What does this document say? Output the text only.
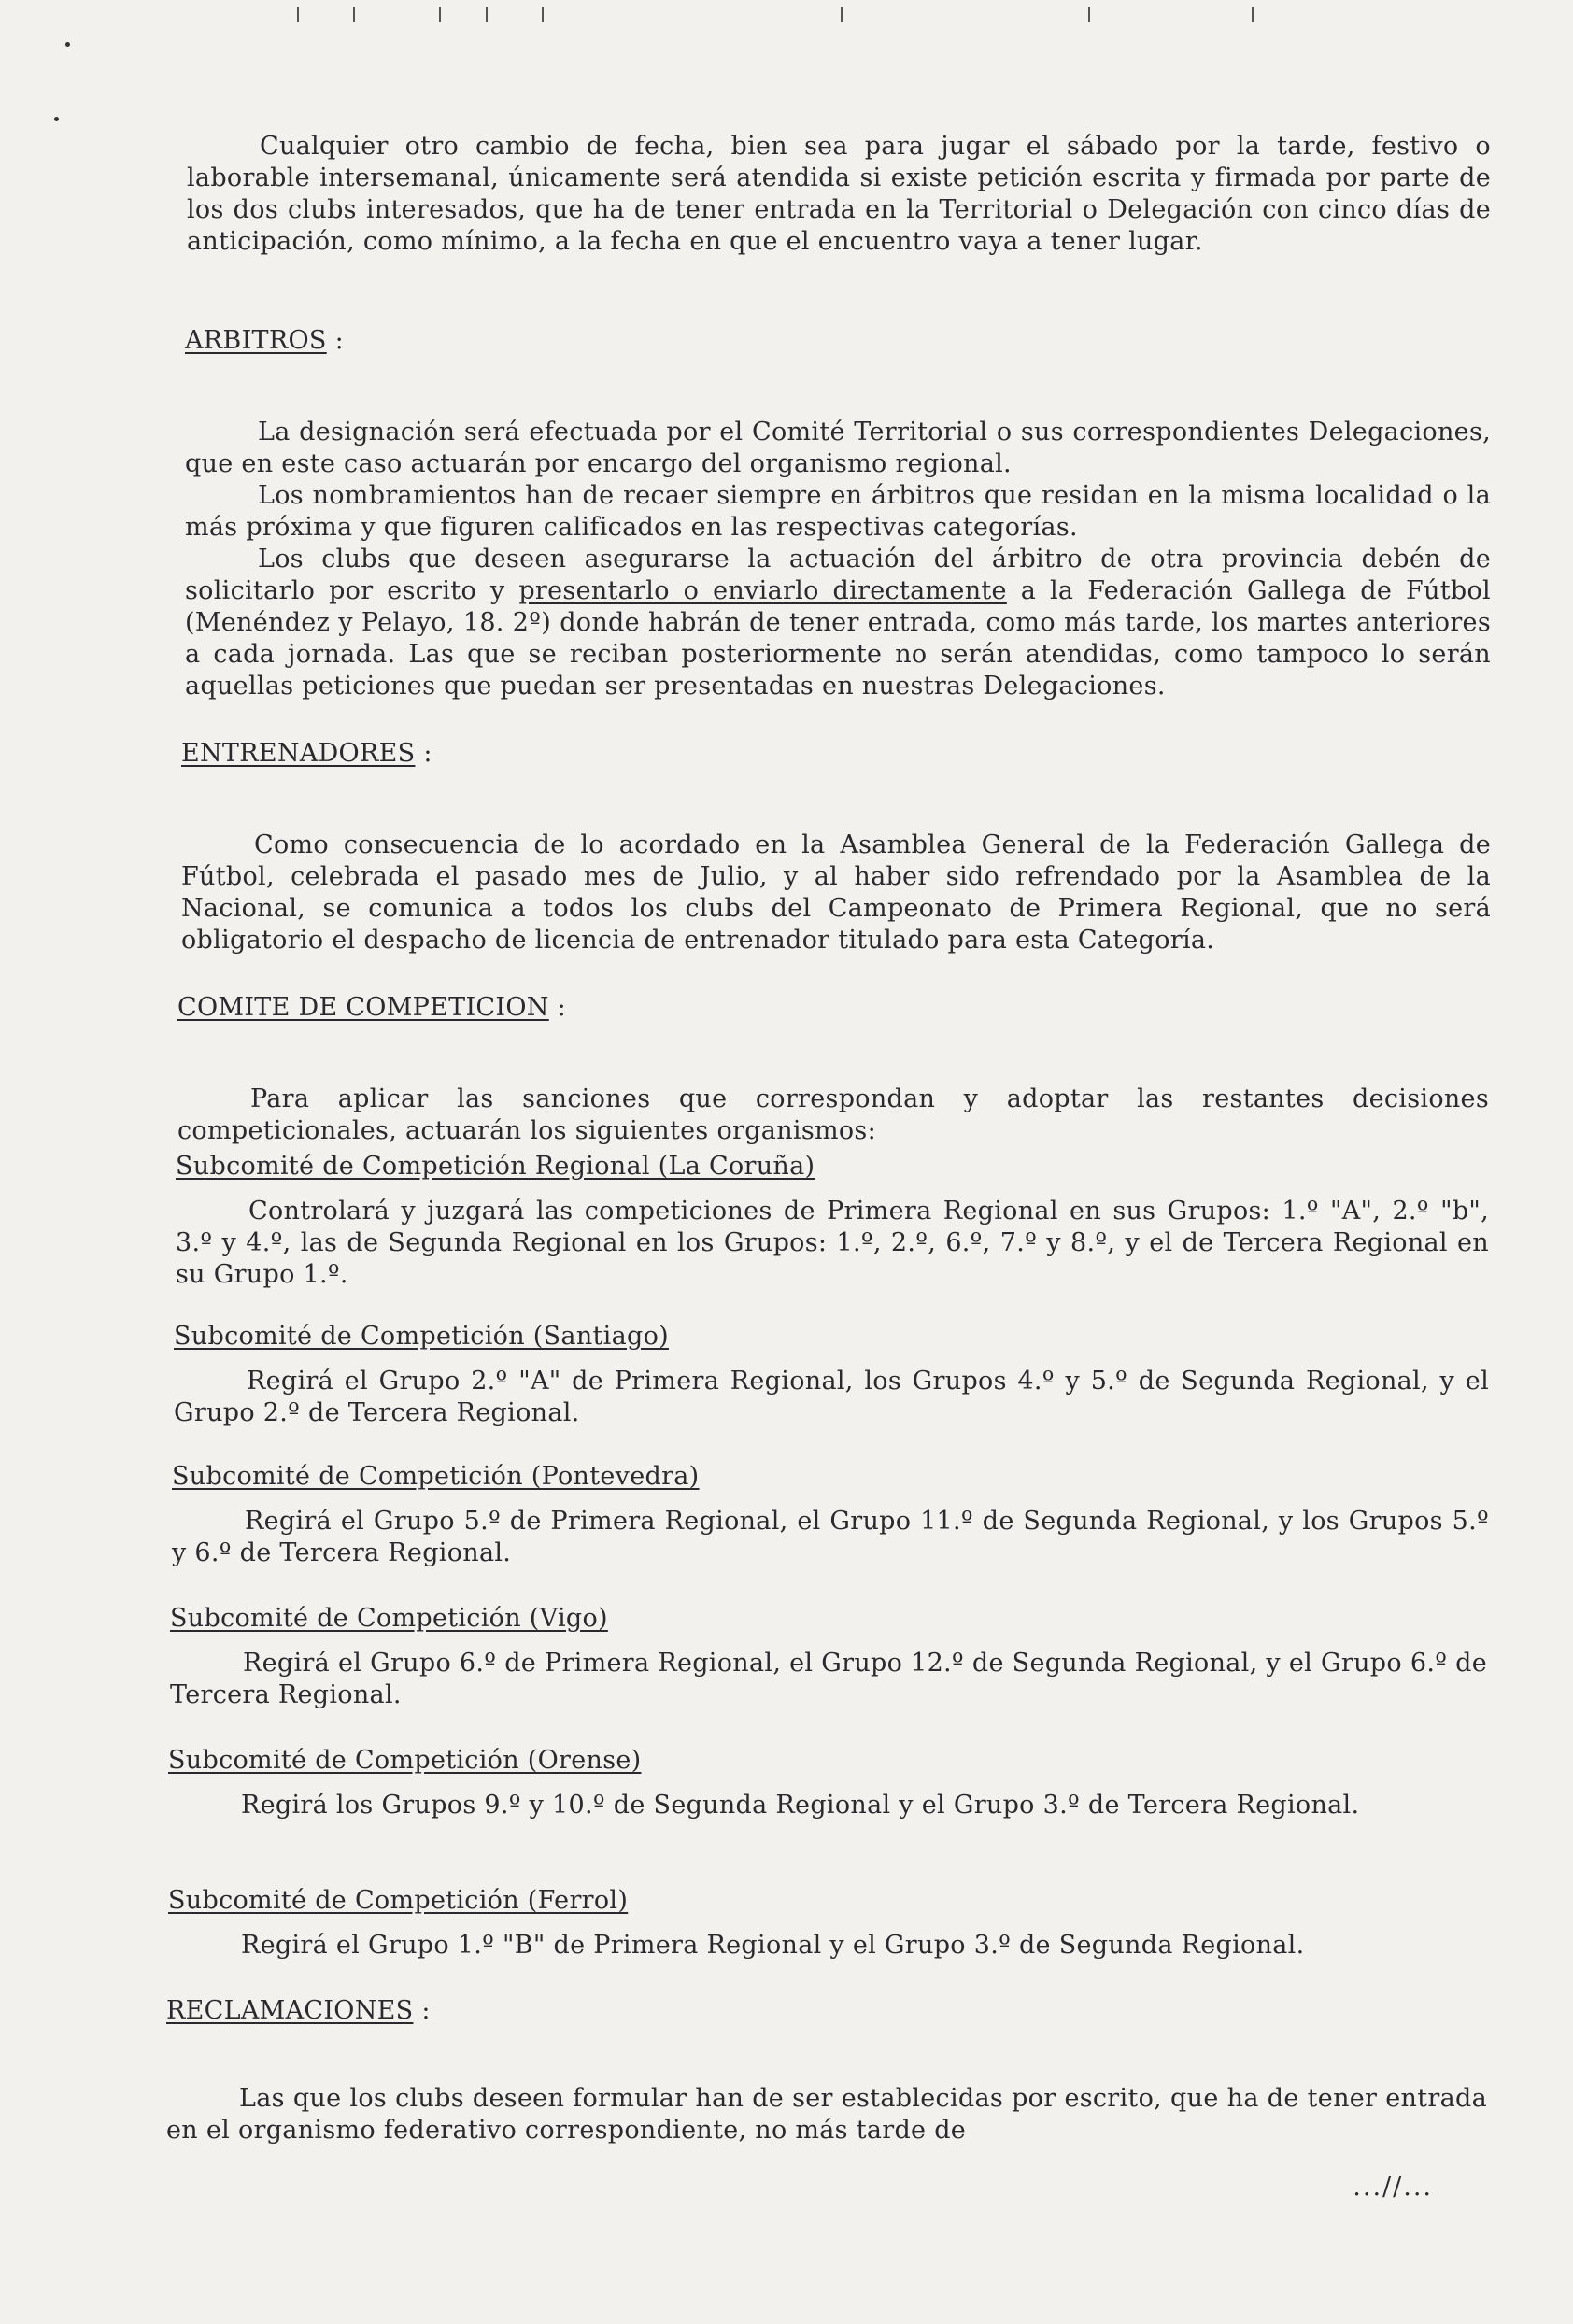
Cualquier otro cambio de fecha, bien sea para jugar el sábado por la tarde, festivo o laborable intersemanal, únicamente será atendida si existe petición escrita y firmada por parte de los dos clubs interesados, que ha de tener entrada en la Territorial o Delegación con cinco días de anticipación, como mínimo, a la fecha en que el encuentro vaya a tener lugar.

ARBITROS :

La designación será efectuada por el Comité Territorial o sus correspondientes Delegaciones, que en este caso actuarán por encargo del organismo regional.

Los nombramientos han de recaer siempre en árbitros que residan en la misma localidad o la más próxima y que figuren calificados en las respectivas categorías.

Los clubs que deseen asegurarse la actuación del árbitro de otra provincia debén de solicitarlo por escrito y presentarlo o enviarlo directamente a la Federación Gallega de Fútbol (Menéndez y Pelayo, 18. 2º) donde habrán de tener entrada, como más tarde, los martes anteriores a cada jornada. Las que se reciban posteriormente no serán atendidas, como tampoco lo serán aquellas peticiones que puedan ser presentadas en nuestras Delegaciones.

ENTRENADORES :

Como consecuencia de lo acordado en la Asamblea General de la Federación Gallega de Fútbol, celebrada el pasado mes de Julio, y al haber sido refrendado por la Asamblea de la Nacional, se comunica a todos los clubs del Campeonato de Primera Regional, que no será obligatorio el despacho de licencia de entrenador titulado para esta Categoría.

COMITE DE COMPETICION :

Para aplicar las sanciones que correspondan y adoptar las restantes decisiones competicionales, actuarán los siguientes organismos:

Subcomité de Competición Regional (La Coruña)

Controlará y juzgará las competiciones de Primera Regional en sus Grupos: 1.º "A", 2.º "b", 3.º y 4.º, las de Segunda Regional en los Grupos: 1.º, 2.º, 6.º, 7.º y 8.º, y el de Tercera Regional en su Grupo 1.º.

Subcomité de Competición (Santiago)

Regirá el Grupo 2.º "A" de Primera Regional, los Grupos 4.º y 5.º de Segunda Regional, y el Grupo 2.º de Tercera Regional.

Subcomité de Competición (Pontevedra)

Regirá el Grupo 5.º de Primera Regional, el Grupo 11.º de Segunda Regional, y los Grupos 5.º y 6.º de Tercera Regional.

Subcomité de Competición (Vigo)

Regirá el Grupo 6.º de Primera Regional, el Grupo 12.º de Segunda Regional, y el Grupo 6.º de Tercera Regional.

Subcomité de Competición (Orense)

Regirá los Grupos 9.º y 10.º de Segunda Regional y el Grupo 3.º de Tercera Regional.

Subcomité de Competición (Ferrol)

Regirá el Grupo 1.º "B" de Primera Regional y el Grupo 3.º de Segunda Regional.

RECLAMACIONES :

Las que los clubs deseen formular han de ser establecidas por escrito, que ha de tener entrada en el organismo federativo correspondiente, no más tarde de

...//...
